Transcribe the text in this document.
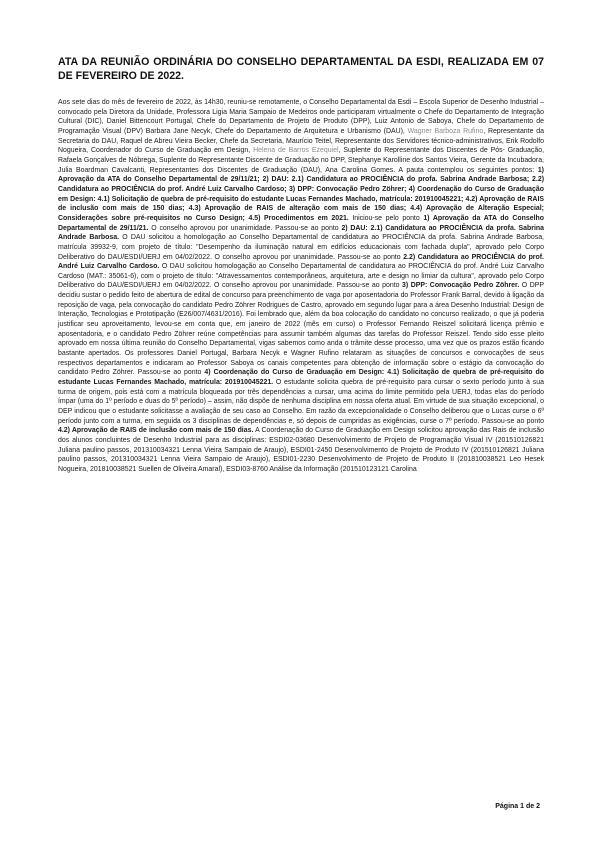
ATA DA REUNIÃO ORDINÁRIA DO CONSELHO DEPARTAMENTAL DA ESDI, REALIZADA EM 07 DE FEVEREIRO DE 2022.

Aos sete dias do mês de fevereiro de 2022, às 14h30, reuniu-se remotamente, o Conselho Departamental da Esdi – Escola Superior de Desenho Industrial – convocado pela Diretora da Unidade, Professora Ligia Maria Sampaio de Medeiros onde participaram virtualmente o Chefe do Departamento de Integração Cultural (DIC), Daniel Bittencourt Portugal, Chefe do Departamento de Projeto de Produto (DPP), Luiz Antonio de Saboya, Chefe do Departamento de Programação Visual (DPV) Barbara Jane Necyk, Chefe do Departamento de Arquitetura e Urbanismo (DAU), Wagner Barboza Rufino, Representante da Secretaria do DAU, Raquel de Abreu Vieira Becker, Chefe da Secretaria, Maurício Teitel, Representante dos Servidores técnico-administrativos, Erik Rodolfo Nogueira, Coordenador do Curso de Graduação em Design, Helena de Barros Ezequiel, Suplente do Representante dos Discentes de Pós- Graduação, Rafaela Gonçalves de Nóbrega, Suplente do Representante Discente de Graduação no DPP, Stephanye Karolline dos Santos Vieira, Gerente da Incubadora, Julia Boardman Cavalcanti, Representantes dos Discentes de Graduação (DAU), Ana Carolina Gomes. A pauta contemplou os seguintes pontos: 1) Aprovação da ATA do Conselho Departamental de 29/11/21; 2) DAU: 2.1) Candidatura ao PROCIÊNCIA do profa. Sabrina Andrade Barbosa; 2.2) Candidatura ao PROCIÊNCIA do prof. André Luiz Carvalho Cardoso; 3) DPP: Convocação Pedro Zöhrer; 4) Coordenação do Curso de Graduação em Design: 4.1) Solicitação de quebra de pré-requisito do estudante Lucas Fernandes Machado, matrícula: 201910045221; 4.2) Aprovação de RAIS de inclusão com mais de 150 dias; 4.3) Aprovação de RAIS de alteração com mais de 150 dias; 4.4) Aprovação de Alteração Especial; Considerações sobre pré-requisitos no Curso Design; 4.5) Procedimentos em 2021. Iniciou-se pelo ponto 1) Aprovação da ATA do Conselho Departamental de 29/11/21. O conselho aprovou por unanimidade. Passou-se ao ponto 2) DAU: 2.1) Candidatura ao PROCIÊNCIA da profa. Sabrina Andrade Barbosa. O DAU solicitou a homologação ao Conselho Departamental de candidatura ao PROCIÊNCIA da profa. Sabrina Andrade Barbosa, matrícula 39932-9, com projeto de título: "Desempenho da iluminação natural em edifícios educacionais com fachada dupla", aprovado pelo Corpo Deliberativo do DAU/ESDI/UERJ em 04/02/2022. O conselho aprovou por unanimidade. Passou-se ao ponto 2.2) Candidatura ao PROCIÊNCIA do prof. André Luiz Carvalho Cardoso. O DAU solicitou homologação ao Conselho Departamental de candidatura ao PROCIÊNCIA do prof. André Luiz Carvalho Cardoso (MAT.: 35061-6), com o projeto de título: "Atravessamentos contemporâneos, arquitetura, arte e design no limiar da cultura", aprovado pelo Corpo Deliberativo do DAU/ESDI/UERJ em 04/02/2022. O conselho aprovou por unanimidade. Passou-se ao ponto 3) DPP: Convocação Pedro Zöhrer. O DPP decidiu sustar o pedido feito de abertura de edital de concurso para preenchimento de vaga por aposentadoria do Professor Frank Barral, devido à ligação da reposição de vaga, pela convocação do candidato Pedro Zöhrer Rodrigues de Castro, aprovado em segundo lugar para a área Desenho Industrial: Design de Interação, Tecnologias e Prototipação (E26/007/4631/2016). Foi lembrado que, além da boa colocação do candidato no concurso realizado, o que já poderia justificar seu aproveitamento, levou-se em conta que, em janeiro de 2022 (mês em curso) o Professor Fernando Reiszel solicitará licença prêmio e aposentadoria, e o candidato Pedro Zöhrer reúne competências para assumir também algumas das tarefas do Professor Reiszel. Tendo sido esse pleito aprovado em nossa última reunião do Conselho Departamental, vigas sabemos como anda o trâmite desse processo, uma vez que os prazos estão ficando bastante apertados. Os professores Daniel Portugal, Barbara Necyk e Wagner Rufino relataram as situações de concursos e convocações de seus respectivos departamentos e indicaram ao Professor Saboya os canais competentes para obtenção de informação sobre o estágio da convocação do candidato Pedro Zöhrer. Passou-se ao ponto 4) Coordenação do Curso de Graduação em Design: 4.1) Solicitação de quebra de pré-requisito do estudante Lucas Fernandes Machado, matrícula: 201910045221. O estudante solicita quebra de pré-requisito para cursar o sexto período junto à sua turma de origem, pois está com a matrícula bloqueada por três dependências a cursar, uma acima do limite permitido pela UERJ, todas elas do período ímpar (uma do 1º período e duas do 5º período) – assim, não dispõe de nenhuma disciplina em nossa oferta atual. Em virtude de sua situação excepcional, o DEP indicou que o estudante solicitasse a avaliação de seu caso ao Conselho. Em razão da excepcionalidade o Conselho deliberou que o Lucas curse o 6º período junto com a turma, em seguida os 3 disciplinas de dependências e, só depois de cumpridas as exigências, curse o 7º período. Passou-se ao ponto 4.2) Aprovação de RAIS de inclusão com mais de 150 dias. A Coordenação do Curso de Graduação em Design solicitou aprovação das Rais de inclusão dos alunos concluintes de Desenho Industrial para as disciplinas: ESDI02-03680 Desenvolvimento de Projeto de Programação Visual IV (201510126821 Juliana paulino passos, 201310034321 Lenna Vieira Sampaio de Araujo), ESDI01-2450 Desenvolvimento de Projeto de Produto IV (201510126821 Juliana paulino passos, 201310034321 Lenna Vieira Sampaio de Araujo), ESDI01-2230 Desenvolvimento de Projeto de Produto II (201810038521 Leo Hesek Nogueira, 201810038521 Suellen de Oliveira Amaral), ESDI03-8760 Análise da Informação (201510123121 Carolina

Página 1 de 2
